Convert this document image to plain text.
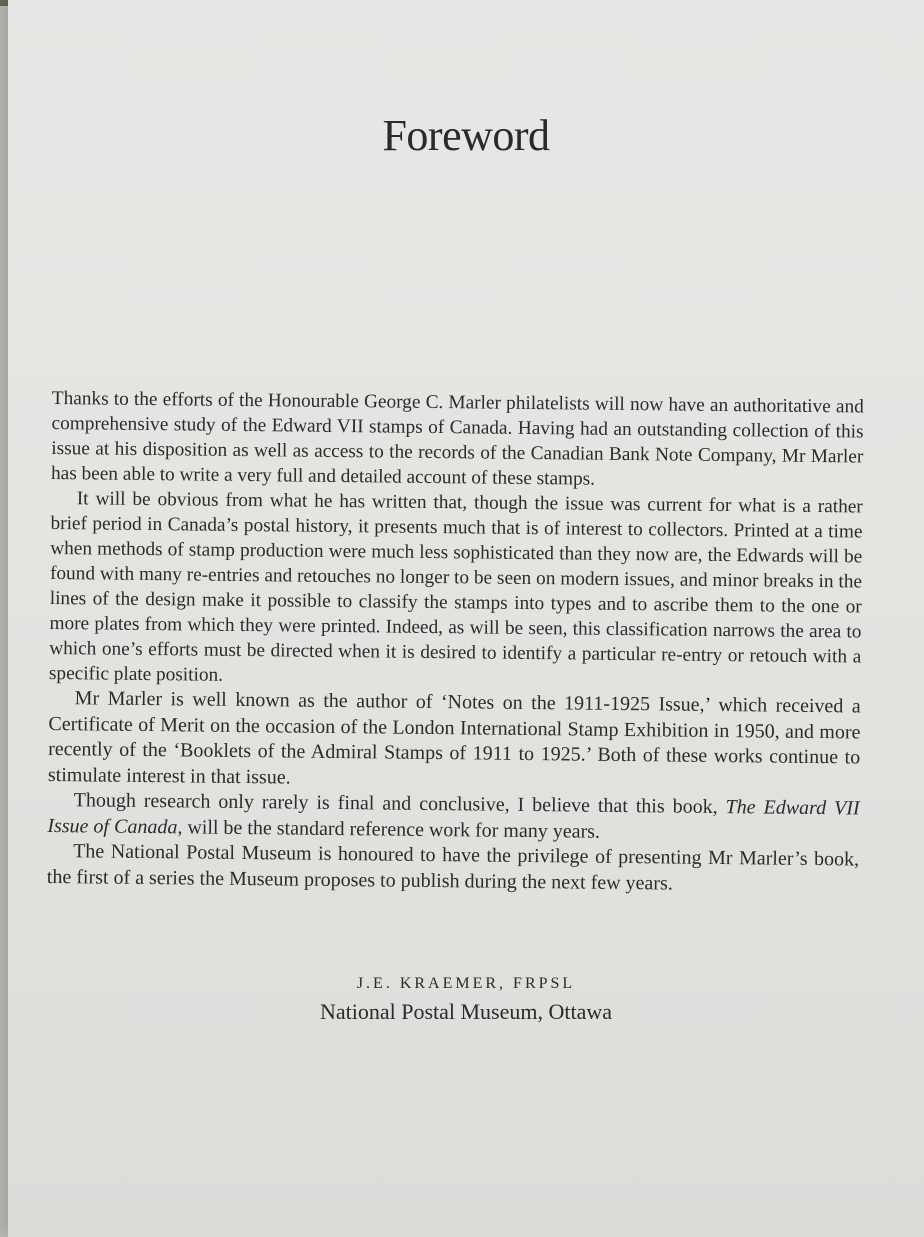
Foreword

Thanks to the efforts of the Honourable George C. Marler philatelists will now have an authoritative and comprehensive study of the Edward VII stamps of Canada. Having had an outstanding collection of this issue at his disposition as well as access to the records of the Canadian Bank Note Company, Mr Marler has been able to write a very full and detailed account of these stamps.

It will be obvious from what he has written that, though the issue was current for what is a rather brief period in Canada’s postal history, it presents much that is of interest to collectors. Printed at a time when methods of stamp production were much less sophisticated than they now are, the Edwards will be found with many re-entries and retouches no longer to be seen on modern issues, and minor breaks in the lines of the design make it possible to classify the stamps into types and to ascribe them to the one or more plates from which they were printed. Indeed, as will be seen, this classification narrows the area to which one’s efforts must be directed when it is desired to identify a particular re-entry or retouch with a specific plate position.

Mr Marler is well known as the author of ‘Notes on the 1911-1925 Issue,’ which received a Certificate of Merit on the occasion of the London International Stamp Exhibition in 1950, and more recently of the ‘Booklets of the Admiral Stamps of 1911 to 1925.’ Both of these works continue to stimulate interest in that issue.

Though research only rarely is final and conclusive, I believe that this book, The Edward VII Issue of Canada, will be the standard reference work for many years.

The National Postal Museum is honoured to have the privilege of presenting Mr Marler’s book, the first of a series the Museum proposes to publish during the next few years.

J.E. KRAEMER, FRPSL

National Postal Museum, Ottawa
